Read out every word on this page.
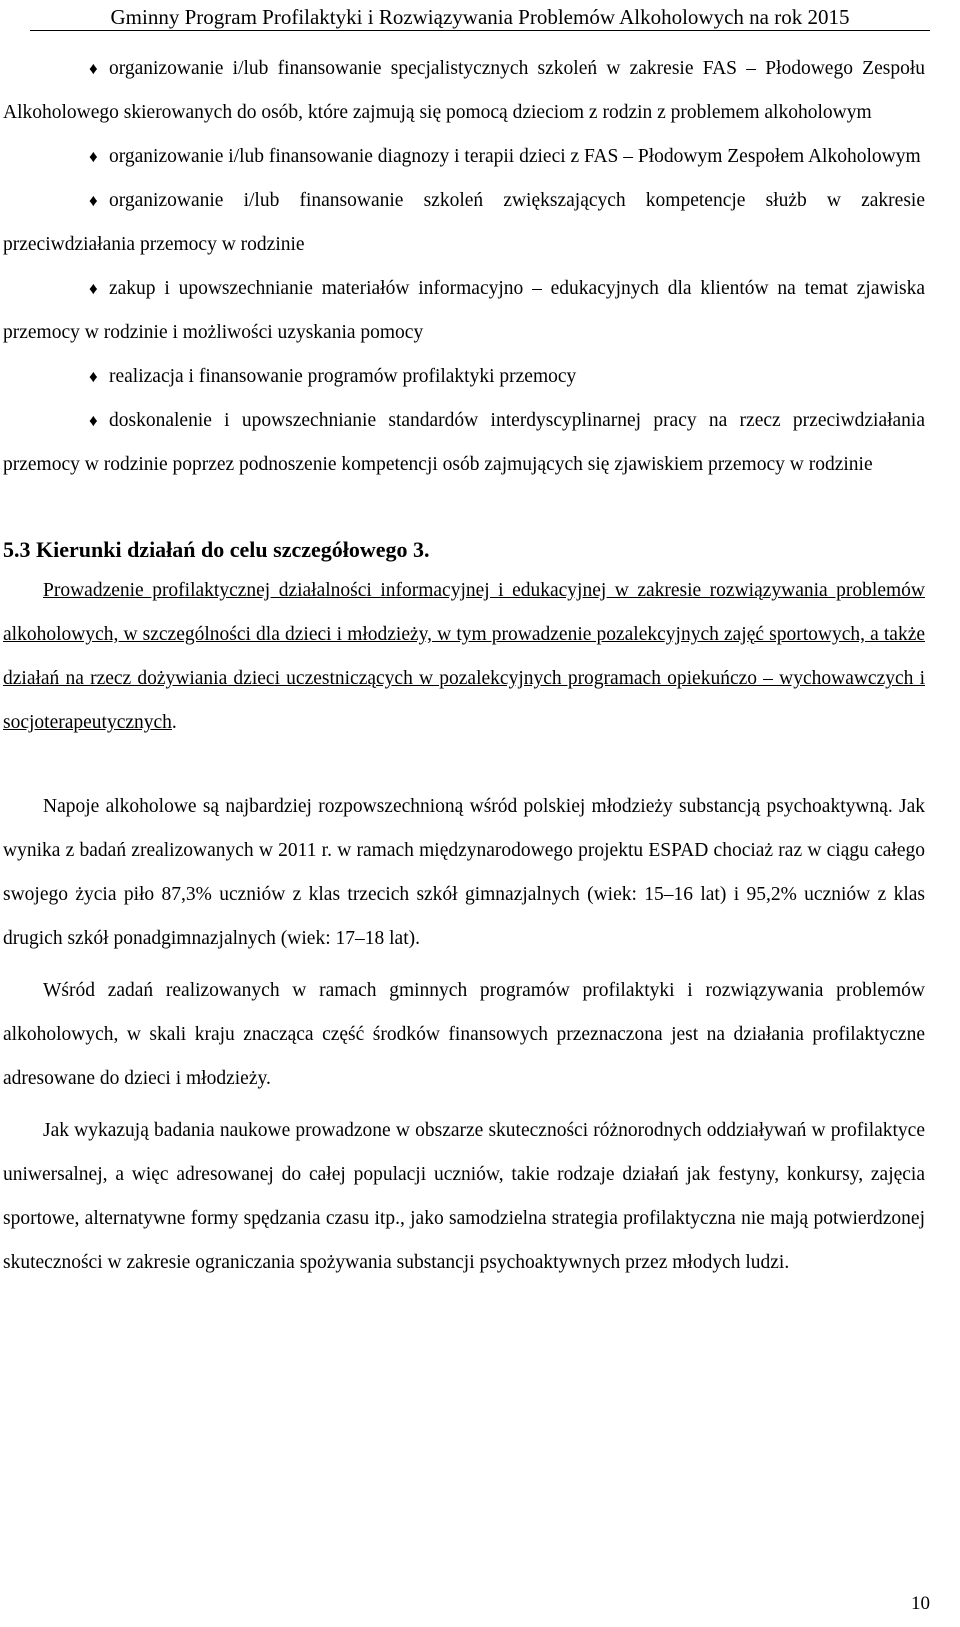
Gminny Program Profilaktyki i Rozwiązywania Problemów Alkoholowych na rok 2015
♦ organizowanie i/lub finansowanie specjalistycznych szkoleń w zakresie FAS – Płodowego Zespołu Alkoholowego skierowanych do osób, które zajmują się pomocą dzieciom z rodzin z problemem alkoholowym
♦ organizowanie i/lub finansowanie diagnozy i terapii dzieci z FAS – Płodowym Zespołem Alkoholowym
♦ organizowanie i/lub finansowanie szkoleń zwiększających kompetencje służb w zakresie przeciwdziałania przemocy w rodzinie
♦ zakup i upowszechnianie materiałów informacyjno – edukacyjnych dla klientów na temat zjawiska przemocy w rodzinie i możliwości uzyskania pomocy
♦ realizacja i finansowanie programów profilaktyki przemocy
♦ doskonalenie i upowszechnianie standardów interdyscyplinarnej pracy na rzecz przeciwdziałania przemocy w rodzinie poprzez podnoszenie kompetencji osób zajmujących się zjawiskiem przemocy w rodzinie
5.3 Kierunki działań do celu szczegółowego 3.

Prowadzenie profilaktycznej działalności informacyjnej i edukacyjnej w zakresie rozwiązywania problemów alkoholowych, w szczególności dla dzieci i młodzieży, w tym prowadzenie pozalekcyjnych zajęć sportowych, a także działań na rzecz dożywiania dzieci uczestniczących w pozalekcyjnych programach opiekuńczo – wychowawczych i socjoterapeutycznych.

Napoje alkoholowe są najbardziej rozpowszechnioną wśród polskiej młodzieży substancją psychoaktywną. Jak wynika z badań zrealizowanych w 2011 r. w ramach międzynarodowego projektu ESPAD chociaż raz w ciągu całego swojego życia piło 87,3% uczniów z klas trzecich szkół gimnazjalnych (wiek: 15–16 lat) i 95,2% uczniów z klas drugich szkół ponadgimnazjalnych (wiek: 17–18 lat).

Wśród zadań realizowanych w ramach gminnych programów profilaktyki i rozwiązywania problemów alkoholowych, w skali kraju znacząca część środków finansowych przeznaczona jest na działania profilaktyczne adresowane do dzieci i młodzieży.

Jak wykazują badania naukowe prowadzone w obszarze skuteczności różnorodnych oddziaływań w profilaktyce uniwersalnej, a więc adresowanej do całej populacji uczniów, takie rodzaje działań jak festyny, konkursy, zajęcia sportowe, alternatywne formy spędzania czasu itp., jako samodzielna strategia profilaktyczna nie mają potwierdzonej skuteczności w zakresie ograniczania spożywania substancji psychoaktywnych przez młodych ludzi.

10
